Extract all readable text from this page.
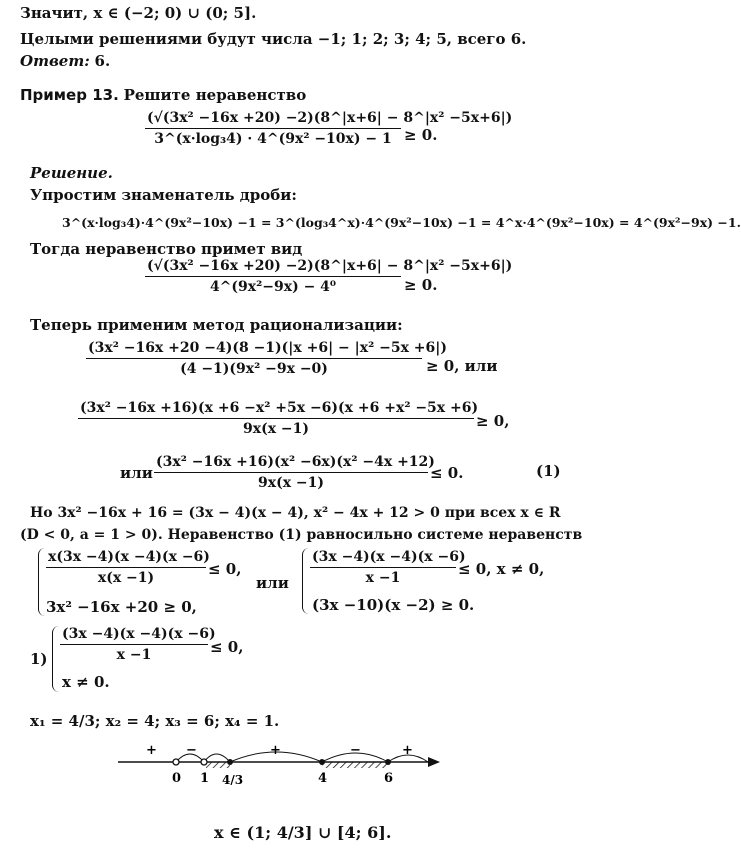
Значит, x ∈ (−2; 0) ∪ (0; 5].
Целыми решениями будут числа −1; 1; 2; 3; 4; 5, всего 6.
Ответ: 6.
Пример 13. Решите неравенство
(√(3x² −16x +20) −2)(8^|x+6| − 8^|x² −5x+6|)
3^(x·log₃4) · 4^(9x² −10x) − 1 ≥ 0.
Решение.
Упростим знаменатель дроби:
3^(x·log₃4)·4^(9x²−10x) −1 = 3^(log₃4^x)·4^(9x²−10x) −1 = 4^x·4^(9x²−10x) = 4^(9x²−9x) −1.
Тогда неравенство примет вид
(√(3x² −16x +20) −2)(8^|x+6| − 8^|x² −5x+6|)
4^(9x²−9x) − 4⁰	≥ 0.
Теперь применим метод рационализации:
(3x² −16x +20 −4)(8 −1)(|x +6| − |x² −5x +6|)
(4 −1)(9x² −9x −0)	≥ 0, или
(3x² −16x +16)(x +6 −x² +5x −6)(x +6 +x² −5x +6)
9x(x −1)	≥ 0,
или
(3x² −16x +16)(x² −6x)(x² −4x +12)
9x(x −1)
≤ 0.	(1)
Но 3x² −16x + 16 = (3x − 4)(x − 4), x² − 4x + 12 > 0 при всех x ∈ R
(D < 0, a = 1 > 0). Неравенство (1) равносильно системе неравенств
x(3x −4)(x −4)(x −6)
x(x −1)	≤ 0,
3x² −16x +20 ≥ 0,
или
(3x −4)(x −4)(x −6)
x −1	≤ 0, x ≠ 0,
(3x −10)(x −2) ≥ 0.
1)
(3x −4)(x −4)(x −6)
x −1	≤ 0,
x ≠ 0.
x₁ = 4/3; x₂ = 4; x₃ = 6; x₄ = 1.
0 1 4/3	4	6
+ −	+	−	+
x ∈ (1; 4/3] ∪ [4; 6].
